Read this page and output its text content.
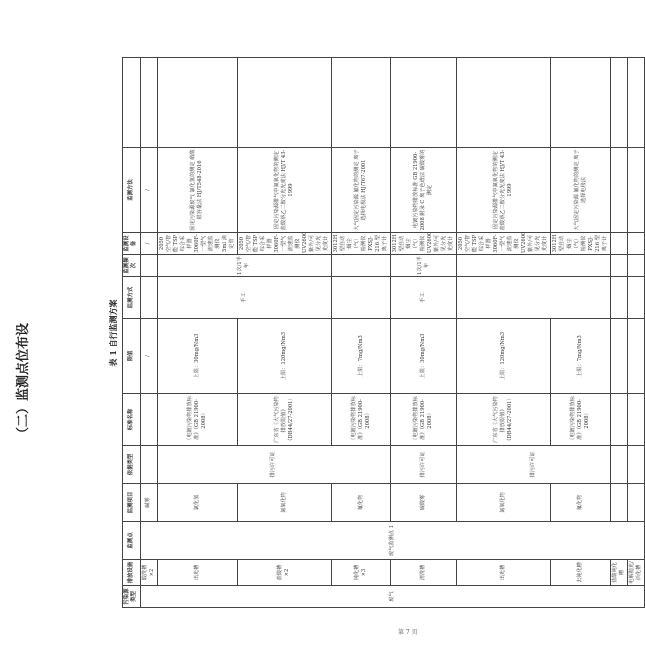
（二）监测点位布设	表 1 自行监测方案
污染源类型	排放设施	监测点	监测项目	依据类型	标准名称	限值	监测方式	监测频次	监测设备	监测方法	
废气	酸洗槽 ×2	废气监测点 1	碱雾			/			/	/	
	出光槽		氯化氢	排污许可证	《电镀污染物排放标准》（GB 21900-2008）	上限：30mg/Nm3	手工	1次/1半年	2050 空气/智能 TSP 综合采样器 3060F-一型气流速监测仪 5ml 滴定管	固定污染源废气 氯化氢的测定 硝酸银容量法 HJ/T548-2016	
	盐酸槽 ×2		氮氧化物		广东省《大气污染物排放限值》（DB44/27-2001）	上限：120mg/Nm3			2050 空气/智能 TSP 综合采样器 3060F-一型气流速监测仪 UV2600 紫外/可见分光光度计	固定污染源排气中氮氧化物的测定 盐酸萘乙二胺分光光度法 HJ/T 43-1999	
	钝化槽 ×3		氟化物		《电镀污染物排放标准》（GB 21900-2008）	上限：7mg/Nm3			3012H 型自动烟尘（气）检测仪 PXSJ-216 型 离子计	大气固定污染源 氟化物的测定 离子选择电极法 HJ/T67-2001	
	清洗槽		硫酸雾	排污许可证	《电镀污染物排放标准》（GB 21900-2008）	上限：30mg/Nm3	手工	1次/1半年	3012H 型自动烟尘（气）检测仪 UV2600 紫外/可见分光光度计	电镀污染物排放标准 GB 21900-2008 附录 C 离子色谱法 硫酸雾的测定	
	出光槽		氮氧化物	排污许可证	广东省《大气污染物排放限值》（DB44/27-2001）	上限：120mg/Nm3			2050 空气/智能 TSP 综合采样器 3060F-一型气流速监测仪 UV2600 紫外/可见分光光度计	固定污染源排气中氮氧化物的测定 盐酸萘乙二胺分光光度法 HJ/T 43-1999	
	去钝化槽		氟化物		《电镀污染物排放标准》（GB 21900-2008）	上限：7mg/Nm3			3012H 型自动烟尘（气）检测仪 PXSJ-216 型 离子计	大气固定污染源 氟化物的测定 离子选择电极法	
	盐酸钝化槽										
	电解抛光/活化槽										
第 7 页
